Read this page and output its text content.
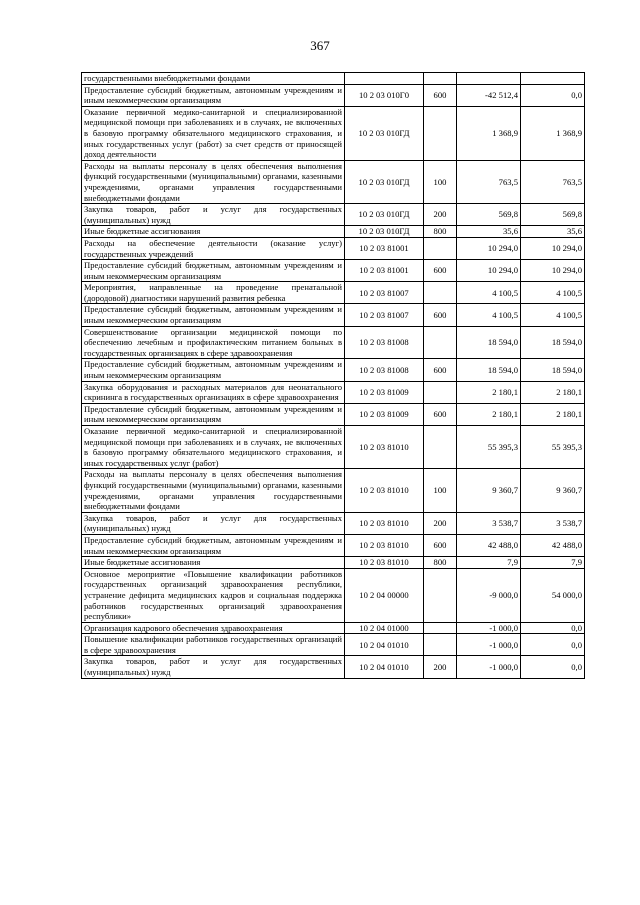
367
государственными внебюджетными фондами				
Предоставление субсидий бюджетным, автономным учреждениям и иным некоммерческим организациям	10 2 03 010Г0	600	-42 512,4	0,0
Оказание первичной медико-санитарной и специализированной медицинской помощи при заболеваниях и в случаях, не включенных в базовую программу обязательного медицинского страхования, и иных государственных услуг (работ) за счет средств от приносящей доход деятельности	10 2 03 010ГД		1 368,9	1 368,9
Расходы на выплаты персоналу в целях обеспечения выполнения функций государственными (муниципальными) органами, казенными учреждениями, органами управления государственными внебюджетными фондами	10 2 03 010ГД	100	763,5	763,5
Закупка товаров, работ и услуг для государственных (муниципальных) нужд	10 2 03 010ГД	200	569,8	569,8
Иные бюджетные ассигнования	10 2 03 010ГД	800	35,6	35,6
Расходы на обеспечение деятельности (оказание услуг) государственных учреждений	10 2 03 81001		10 294,0	10 294,0
Предоставление субсидий бюджетным, автономным учреждениям и иным некоммерческим организациям	10 2 03 81001	600	10 294,0	10 294,0
Мероприятия, направленные на проведение пренатальной (дородовой) диагностики нарушений развития ребенка	10 2 03 81007		4 100,5	4 100,5
Предоставление субсидий бюджетным, автономным учреждениям и иным некоммерческим организациям	10 2 03 81007	600	4 100,5	4 100,5
Совершенствование организации медицинской помощи по обеспечению лечебным и профилактическим питанием больных в государственных организациях в сфере здравоохранения	10 2 03 81008		18 594,0	18 594,0
Предоставление субсидий бюджетным, автономным учреждениям и иным некоммерческим организациям	10 2 03 81008	600	18 594,0	18 594,0
Закупка оборудования и расходных материалов для неонатального скрининга в государственных организациях в сфере здравоохранения	10 2 03 81009		2 180,1	2 180,1
Предоставление субсидий бюджетным, автономным учреждениям и иным некоммерческим организациям	10 2 03 81009	600	2 180,1	2 180,1
Оказание первичной медико-санитарной и специализированной медицинской помощи при заболеваниях и в случаях, не включенных в базовую программу обязательного медицинского страхования, и иных государственных услуг (работ)	10 2 03 81010		55 395,3	55 395,3
Расходы на выплаты персоналу в целях обеспечения выполнения функций государственными (муниципальными) органами, казенными учреждениями, органами управления государственными внебюджетными фондами	10 2 03 81010	100	9 360,7	9 360,7
Закупка товаров, работ и услуг для государственных (муниципальных) нужд	10 2 03 81010	200	3 538,7	3 538,7
Предоставление субсидий бюджетным, автономным учреждениям и иным некоммерческим организациям	10 2 03 81010	600	42 488,0	42 488,0
Иные бюджетные ассигнования	10 2 03 81010	800	7,9	7,9
Основное мероприятие «Повышение квалификации работников государственных организаций здравоохранения республики, устранение дефицита медицинских кадров и социальная поддержка работников государственных организаций здравоохранения республики»	10 2 04 00000		-9 000,0	54 000,0
Организация кадрового обеспечения здравоохранения	10 2 04 01000		-1 000,0	0,0
Повышение квалификации работников государственных организаций в сфере здравоохранения	10 2 04 01010		-1 000,0	0,0
Закупка товаров, работ и услуг для государственных (муниципальных) нужд	10 2 04 01010	200	-1 000,0	0,0
